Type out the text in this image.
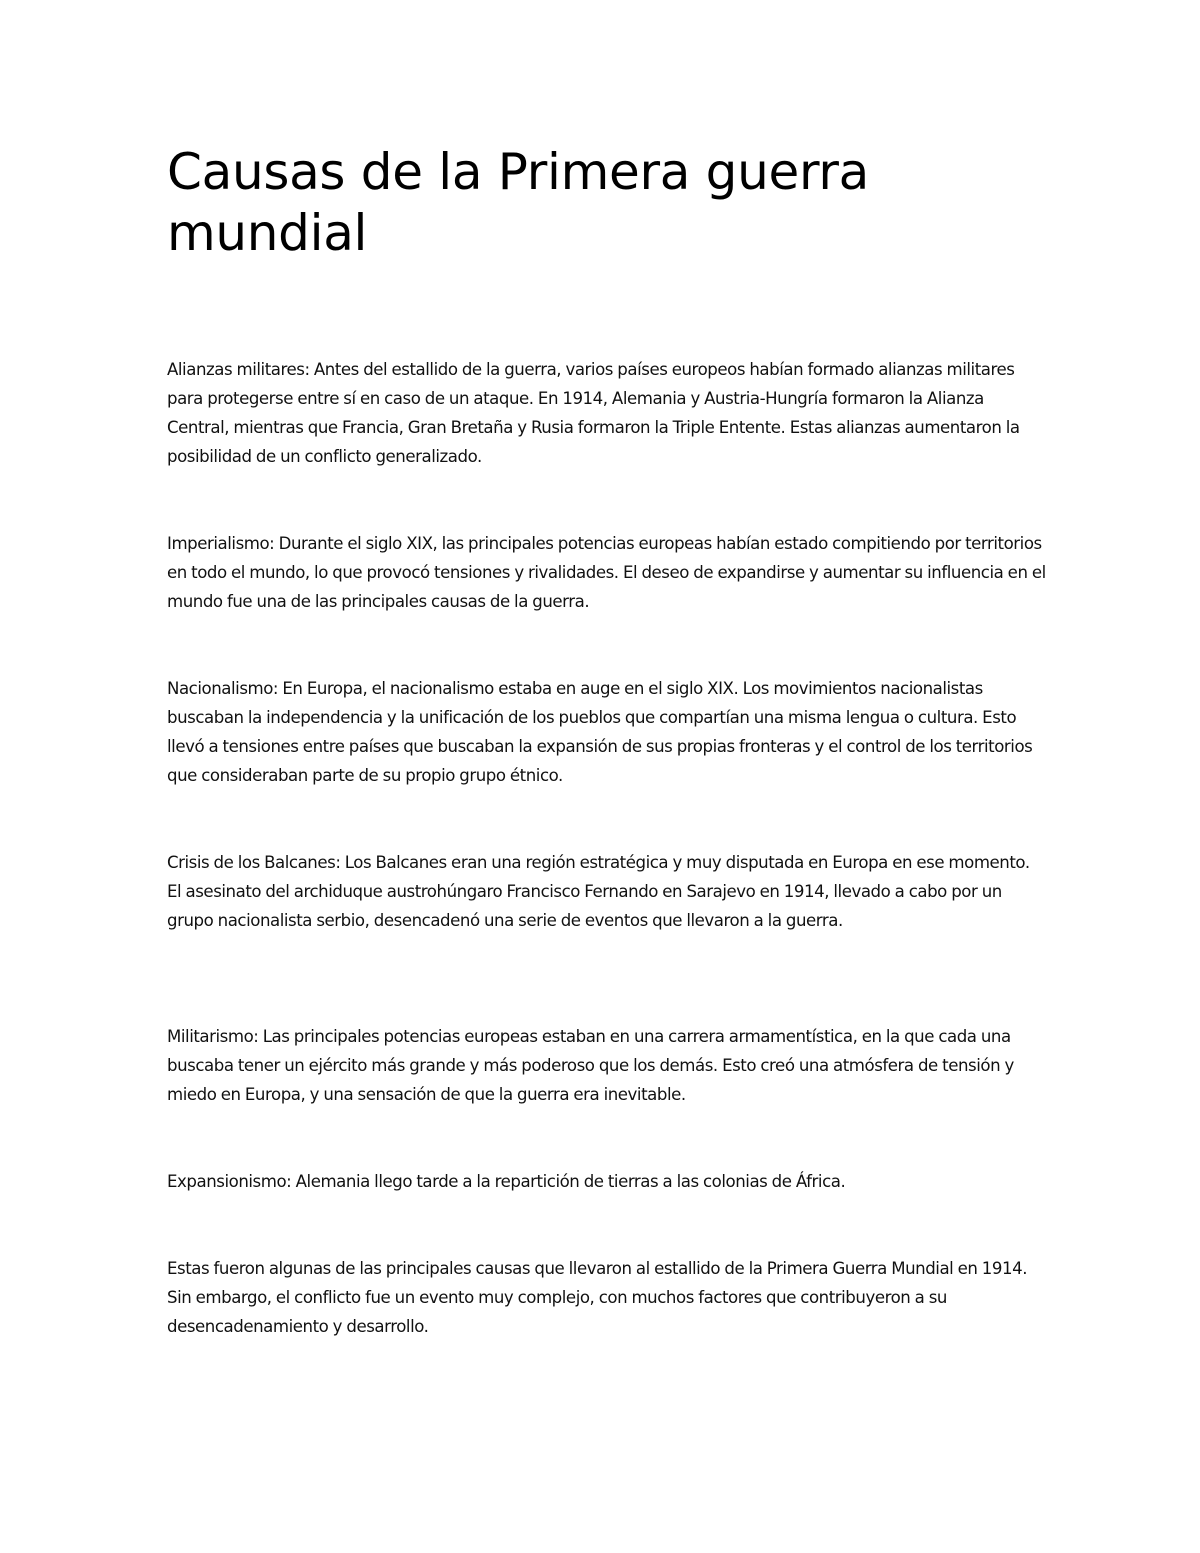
Causas de la Primera guerra mundial

Alianzas militares: Antes del estallido de la guerra, varios países europeos habían formado alianzas militares para protegerse entre sí en caso de un ataque. En 1914, Alemania y Austria-Hungría formaron la Alianza Central, mientras que Francia, Gran Bretaña y Rusia formaron la Triple Entente. Estas alianzas aumentaron la posibilidad de un conflicto generalizado.

Imperialismo: Durante el siglo XIX, las principales potencias europeas habían estado compitiendo por territorios en todo el mundo, lo que provocó tensiones y rivalidades. El deseo de expandirse y aumentar su influencia en el mundo fue una de las principales causas de la guerra.

Nacionalismo: En Europa, el nacionalismo estaba en auge en el siglo XIX. Los movimientos nacionalistas buscaban la independencia y la unificación de los pueblos que compartían una misma lengua o cultura. Esto llevó a tensiones entre países que buscaban la expansión de sus propias fronteras y el control de los territorios que consideraban parte de su propio grupo étnico.

Crisis de los Balcanes: Los Balcanes eran una región estratégica y muy disputada en Europa en ese momento. El asesinato del archiduque austrohúngaro Francisco Fernando en Sarajevo en 1914, llevado a cabo por un grupo nacionalista serbio, desencadenó una serie de eventos que llevaron a la guerra.

Militarismo: Las principales potencias europeas estaban en una carrera armamentística, en la que cada una buscaba tener un ejército más grande y más poderoso que los demás. Esto creó una atmósfera de tensión y miedo en Europa, y una sensación de que la guerra era inevitable.

Expansionismo: Alemania llego tarde a la repartición de tierras a las colonias de África.

Estas fueron algunas de las principales causas que llevaron al estallido de la Primera Guerra Mundial en 1914. Sin embargo, el conflicto fue un evento muy complejo, con muchos factores que contribuyeron a su desencadenamiento y desarrollo.
